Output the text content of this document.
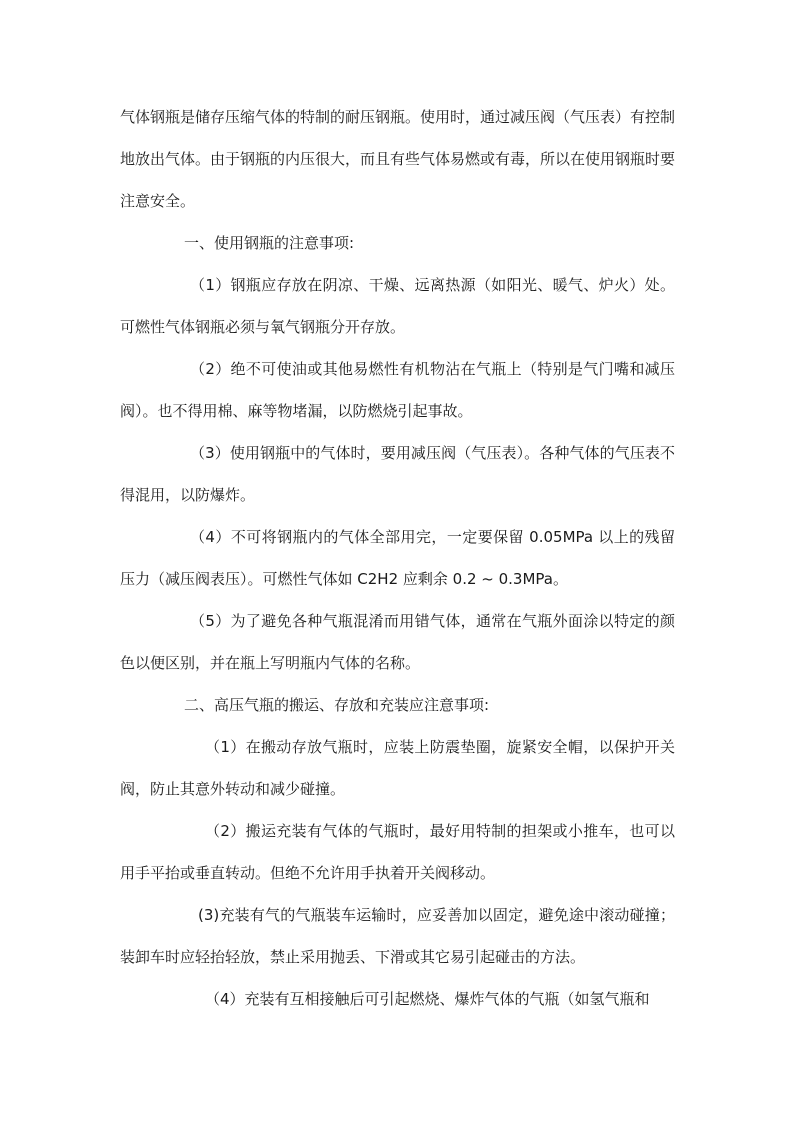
气体钢瓶是储存压缩气体的特制的耐压钢瓶。使用时，通过减压阀（气压表）有控制地放出气体。由于钢瓶的内压很大，而且有些气体易燃或有毒，所以在使用钢瓶时要注意安全。

一、使用钢瓶的注意事项:

（1）钢瓶应存放在阴凉、干燥、远离热源（如阳光、暖气、炉火）处。可燃性气体钢瓶必须与氧气钢瓶分开存放。

（2）绝不可使油或其他易燃性有机物沾在气瓶上（特别是气门嘴和减压阀）。也不得用棉、麻等物堵漏，以防燃烧引起事故。

（3）使用钢瓶中的气体时，要用减压阀（气压表）。各种气体的气压表不得混用，以防爆炸。

（4）不可将钢瓶内的气体全部用完，一定要保留 0.05MPa 以上的残留压力（减压阀表压）。可燃性气体如 C2H2 应剩余 0.2 ~ 0.3MPa。

（5）为了避免各种气瓶混淆而用错气体，通常在气瓶外面涂以特定的颜色以便区别，并在瓶上写明瓶内气体的名称。

二、高压气瓶的搬运、存放和充装应注意事项:

（1）在搬动存放气瓶时，应装上防震垫圈，旋紧安全帽，以保护开关阀，防止其意外转动和减少碰撞。

（2）搬运充装有气体的气瓶时，最好用特制的担架或小推车，也可以用手平抬或垂直转动。但绝不允许用手执着开关阀移动。

(3)充装有气的气瓶装车运输时，应妥善加以固定，避免途中滚动碰撞；装卸车时应轻抬轻放，禁止采用抛丢、下滑或其它易引起碰击的方法。

（4）充装有互相接触后可引起燃烧、爆炸气体的气瓶（如氢气瓶和
